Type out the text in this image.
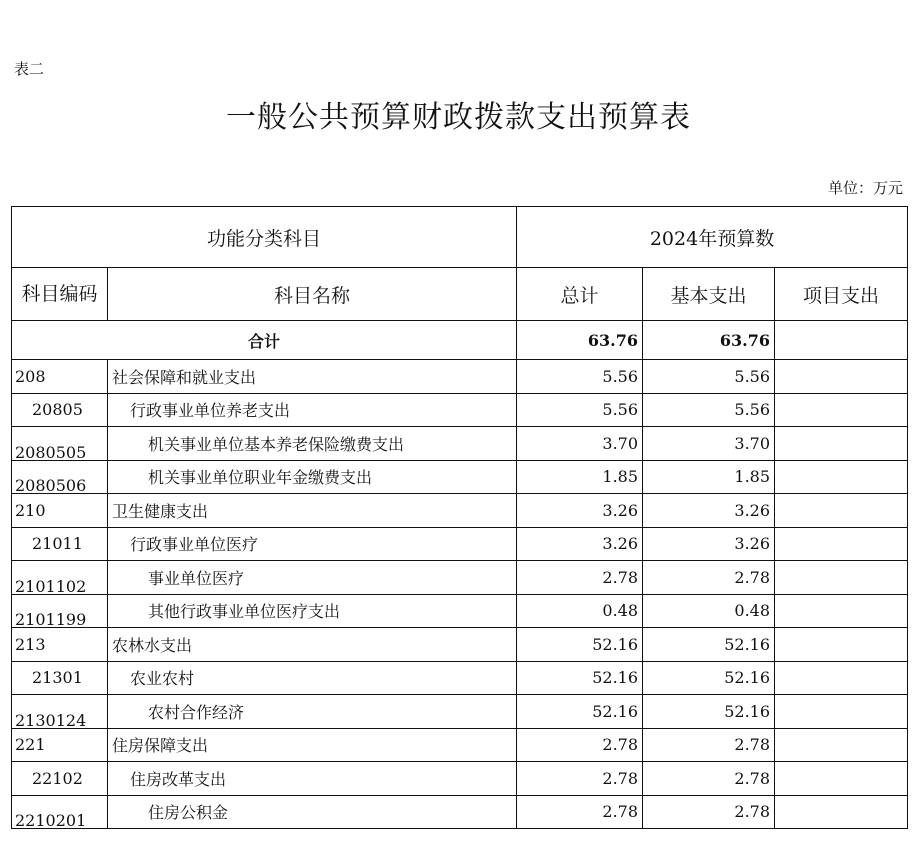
表二
一般公共预算财政拨款支出预算表
单位：万元
功能分类科目		2024年预算数		
科目编码	科目名称	总计	基本支出	项目支出
合计		63.76	63.76	
208	社会保障和就业支出	5.56	5.56	
20805	行政事业单位养老支出	5.56	5.56	
2080505	机关事业单位基本养老保险缴费支出	3.70	3.70	
2080506	机关事业单位职业年金缴费支出	1.85	1.85	
210	卫生健康支出	3.26	3.26	
21011	行政事业单位医疗	3.26	3.26	
2101102	事业单位医疗	2.78	2.78	
2101199	其他行政事业单位医疗支出	0.48	0.48	
213	农林水支出	52.16	52.16	
21301	农业农村	52.16	52.16	
2130124	农村合作经济	52.16	52.16	
221	住房保障支出	2.78	2.78	
22102	住房改革支出	2.78	2.78	
2210201	住房公积金	2.78	2.78	
